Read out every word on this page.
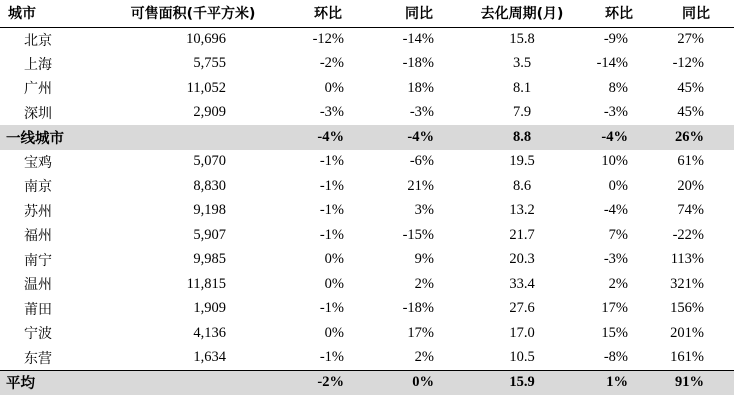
城市	可售面积(千平方米)	环比	同比	去化周期(月)	环比	同比
北京	10,696	-12%	-14%	15.8	-9%	27%
上海	5,755	-2%	-18%	3.5	-14%	-12%
广州	11,052	0%	18%	8.1	8%	45%
深圳	2,909	-3%	-3%	7.9	-3%	45%
一线城市		-4%	-4%	8.8	-4%	26%
宝鸡	5,070	-1%	-6%	19.5	10%	61%
南京	8,830	-1%	21%	8.6	0%	20%
苏州	9,198	-1%	3%	13.2	-4%	74%
福州	5,907	-1%	-15%	21.7	7%	-22%
南宁	9,985	0%	9%	20.3	-3%	113%
温州	11,815	0%	2%	33.4	2%	321%
莆田	1,909	-1%	-18%	27.6	17%	156%
宁波	4,136	0%	17%	17.0	15%	201%
东营	1,634	-1%	2%	10.5	-8%	161%
平均		-2%	0%	15.9	1%	91%
